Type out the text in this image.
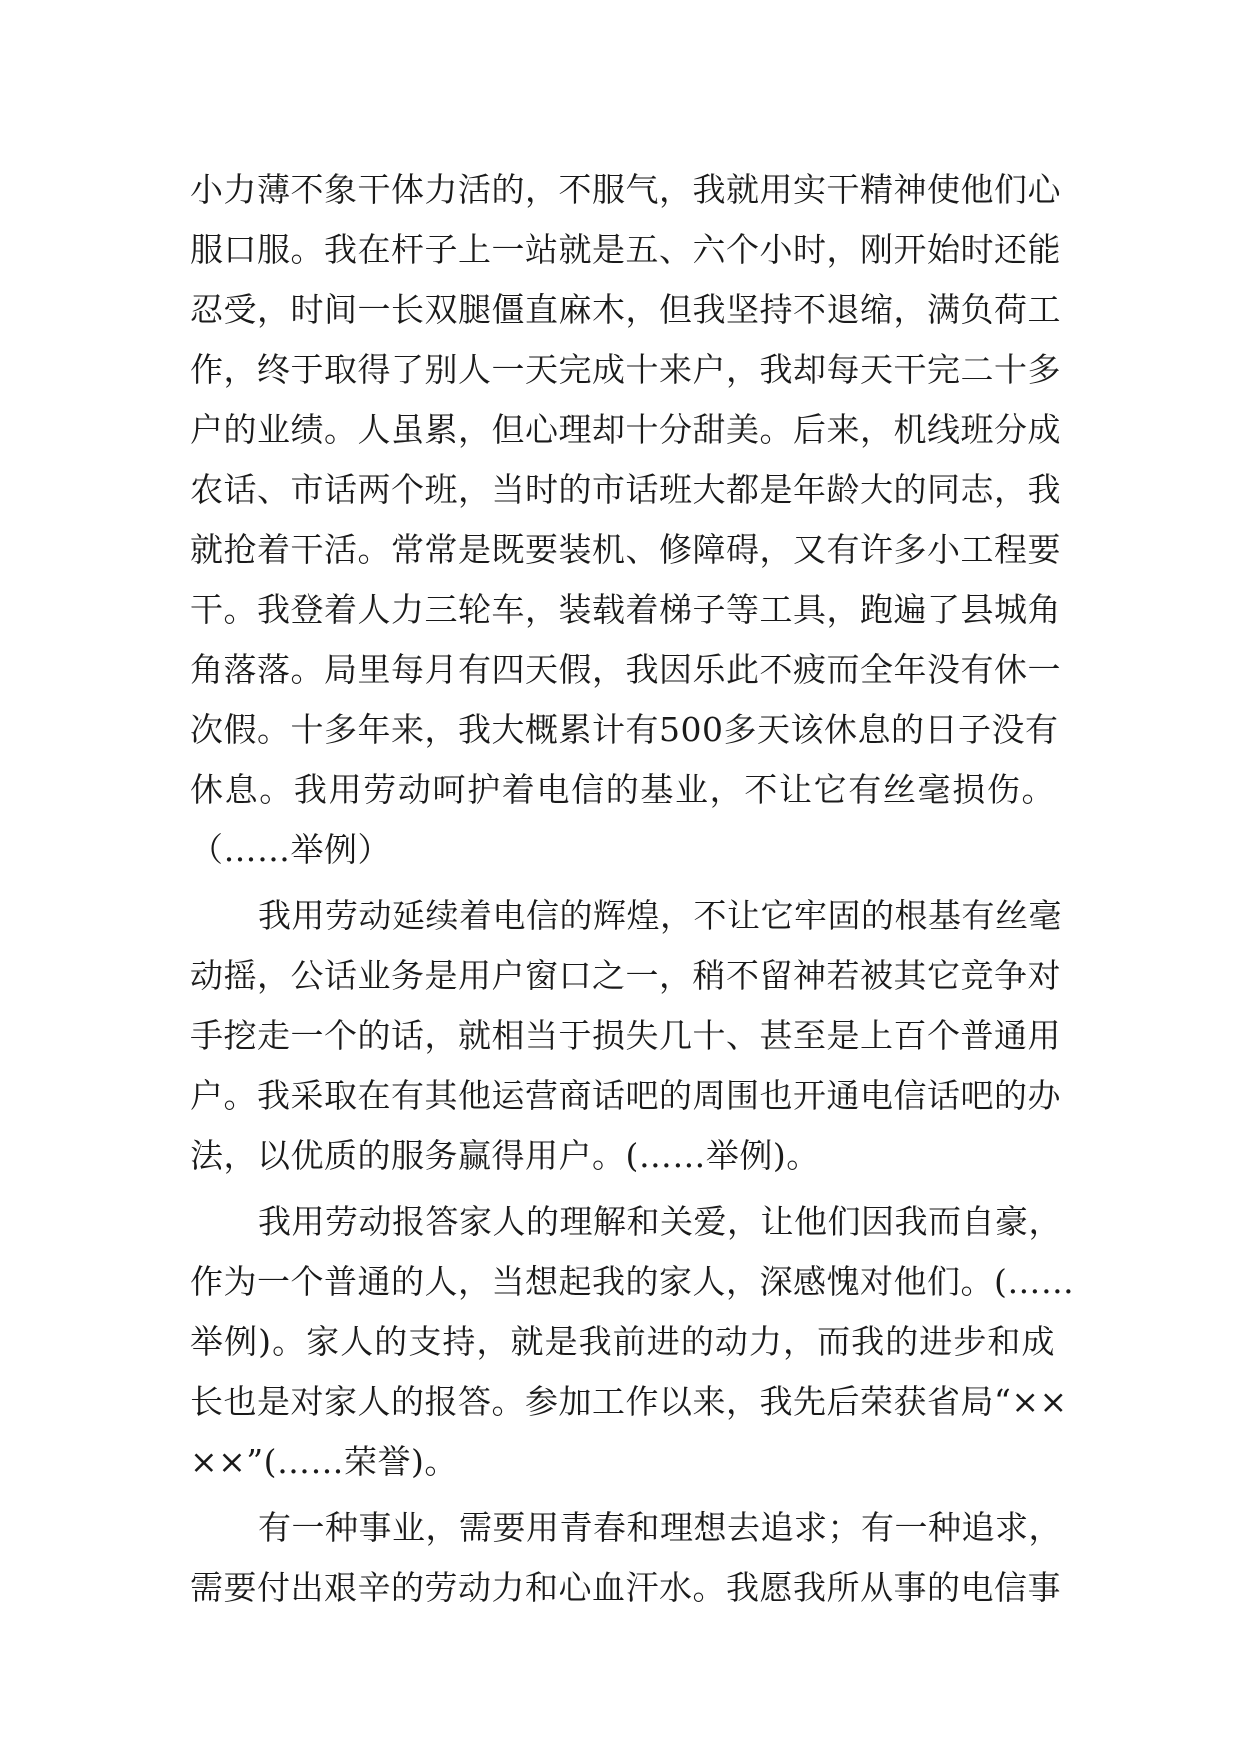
小力薄不象干体力活的，不服气，我就用实干精神使他们心
服口服。我在杆子上一站就是五、六个小时，刚开始时还能
忍受，时间一长双腿僵直麻木，但我坚持不退缩，满负荷工
作，终于取得了别人一天完成十来户，我却每天干完二十多
户的业绩。人虽累，但心理却十分甜美。后来，机线班分成
农话、市话两个班，当时的市话班大都是年龄大的同志，我
就抢着干活。常常是既要装机、修障碍，又有许多小工程要
干。我登着人力三轮车，装载着梯子等工具，跑遍了县城角
角落落。局里每月有四天假，我因乐此不疲而全年没有休一
次假。十多年来，我大概累计有500多天该休息的日子没有
休息。我用劳动呵护着电信的基业，不让它有丝毫损伤。
（……举例）
我用劳动延续着电信的辉煌，不让它牢固的根基有丝毫
动摇，公话业务是用户窗口之一，稍不留神若被其它竞争对
手挖走一个的话，就相当于损失几十、甚至是上百个普通用
户。我采取在有其他运营商话吧的周围也开通电信话吧的办
法，以优质的服务赢得用户。(……举例)。
我用劳动报答家人的理解和关爱，让他们因我而自豪，
作为一个普通的人，当想起我的家人，深感愧对他们。(……
举例)。家人的支持，就是我前进的动力，而我的进步和成
长也是对家人的报答。参加工作以来，我先后荣获省局“××
××”(……荣誉)。
有一种事业，需要用青春和理想去追求；有一种追求，
需要付出艰辛的劳动力和心血汗水。我愿我所从事的电信事
